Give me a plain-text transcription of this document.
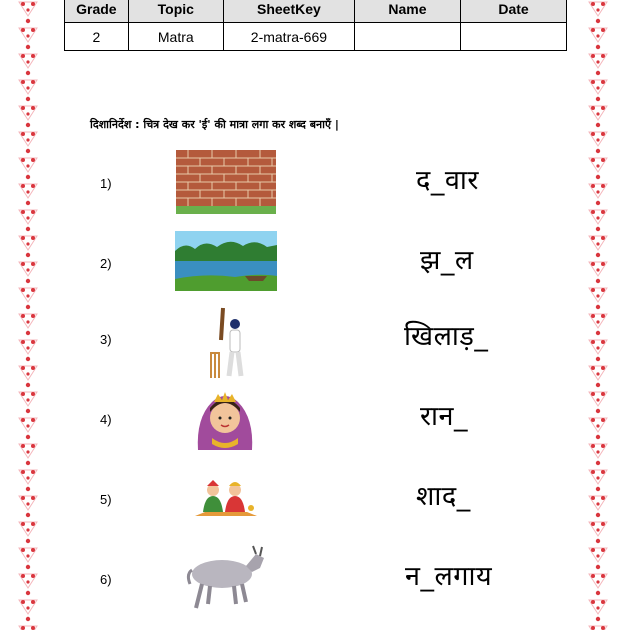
Grade	Topic	SheetKey	Name	Date
2	Matra	2-matra-669		
दिशानिर्देश : चित्र देख कर 'ई' की मात्रा लगा कर शब्द बनाएँ |
1)	द_वार
2)	झ_ल
3)	खिलाड़_
4)	रान_
5)	शाद_
6)	न_लगाय
